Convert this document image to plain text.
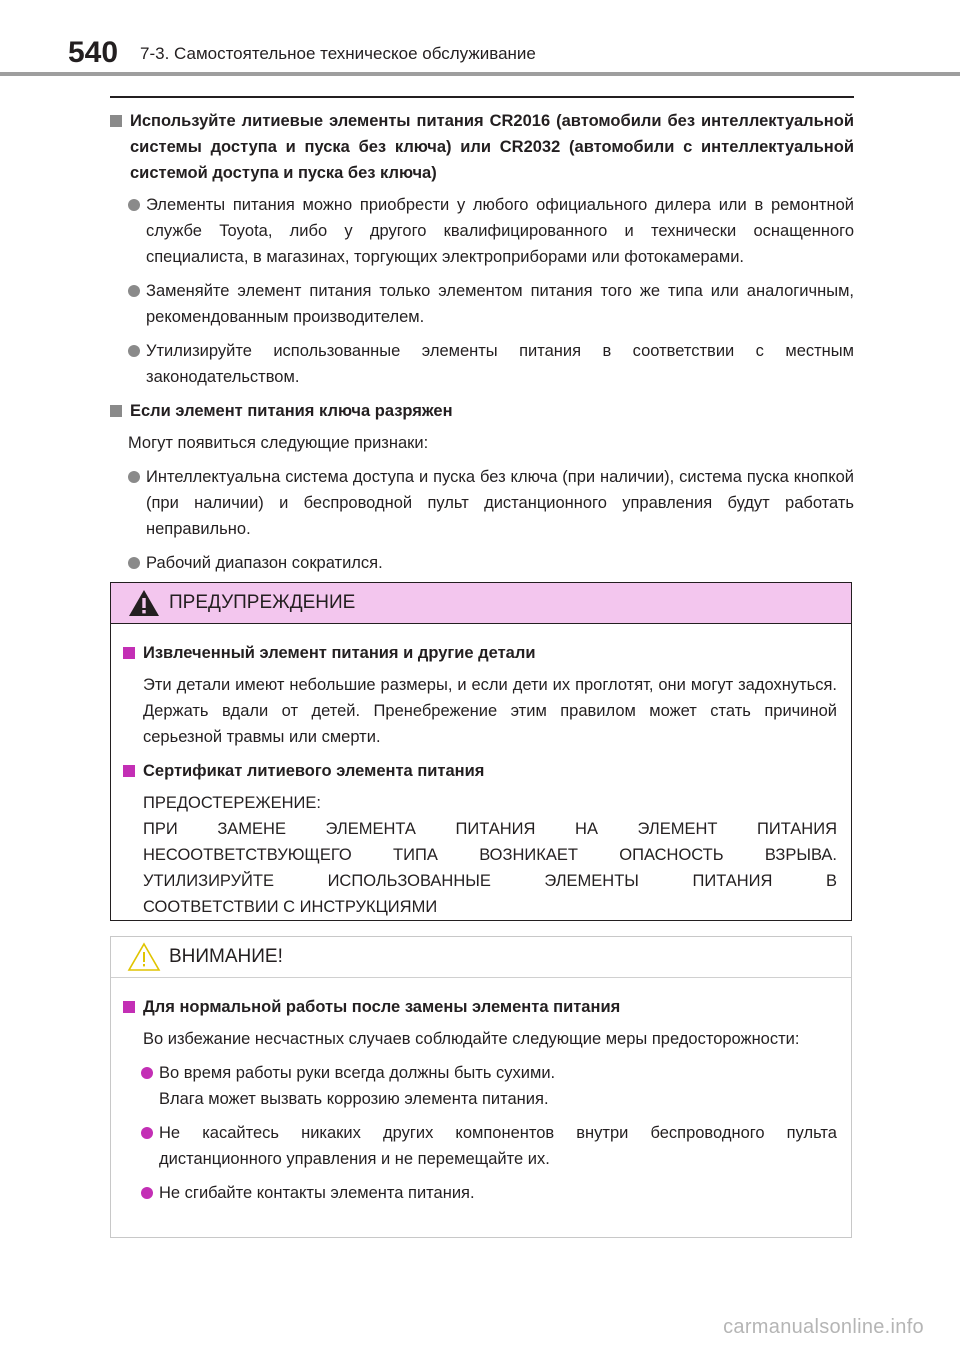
540 7-3. Самостоятельное техническое обслуживание
Используйте литиевые элементы питания CR2016 (автомобили без интеллектуальной системы доступа и пуска без ключа) или CR2032 (автомобили с интеллектуальной системой доступа и пуска без ключа)
Элементы питания можно приобрести у любого официального дилера или в ремонтной службе Toyota, либо у другого квалифицированного и технически оснащенного специалиста, в магазинах, торгующих электроприборами или фотокамерами.
Заменяйте элемент питания только элементом питания того же типа или аналогичным, рекомендованным производителем.
Утилизируйте использованные элементы питания в соответствии с местным законодательством.
Если элемент питания ключа разряжен
Могут появиться следующие признаки:
Интеллектуальна система доступа и пуска без ключа (при наличии), система пуска кнопкой (при наличии) и беспроводной пульт дистанционного управления будут работать неправильно.
Рабочий диапазон сократился.
ПРЕДУПРЕЖДЕНИЕ
Извлеченный элемент питания и другие детали
Эти детали имеют небольшие размеры, и если дети их проглотят, они могут задохнуться. Держать вдали от детей. Пренебрежение этим правилом может стать причиной серьезной травмы или смерти.
Сертификат литиевого элемента питания
ПРЕДОСТЕРЕЖЕНИЕ:
ПРИ ЗАМЕНЕ ЭЛЕМЕНТА ПИТАНИЯ НА ЭЛЕМЕНТ ПИТАНИЯ
НЕСООТВЕТСТВУЮЩЕГО ТИПА ВОЗНИКАЕТ ОПАСНОСТЬ ВЗРЫВА.
УТИЛИЗИРУЙТЕ ИСПОЛЬЗОВАННЫЕ ЭЛЕМЕНТЫ ПИТАНИЯ В
СООТВЕТСТВИИ С ИНСТРУКЦИЯМИ
ВНИМАНИЕ!
Для нормальной работы после замены элемента питания
Во избежание несчастных случаев соблюдайте следующие меры предосторожности:
Во время работы руки всегда должны быть сухими.
Влага может вызвать коррозию элемента питания.
Не касайтесь никаких других компонентов внутри беспроводного пульта дистанционного управления и не перемещайте их.
Не сгибайте контакты элемента питания.
carmanualsonline.info
